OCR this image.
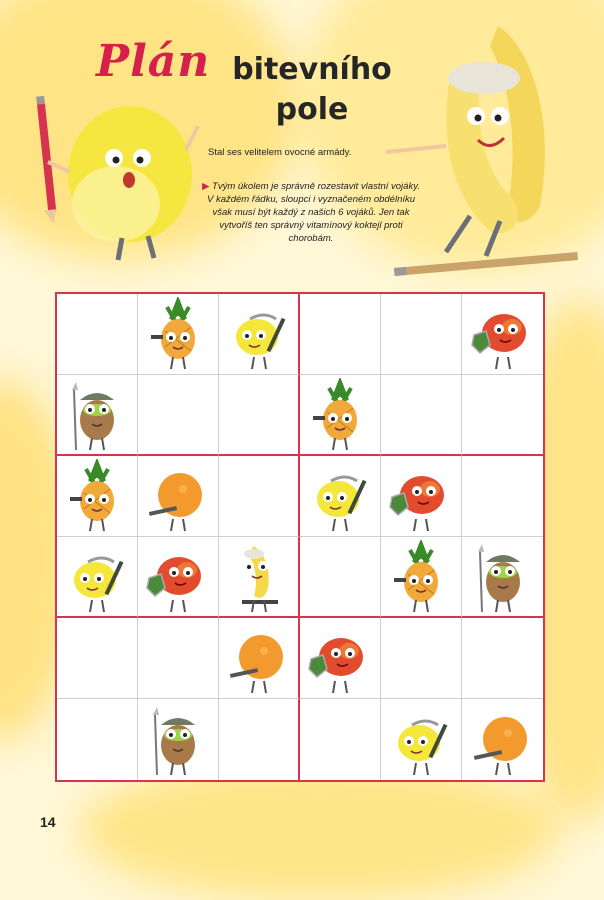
Plán bitevního
pole

Stal ses velitelem ovocné armády.

▶ Tvým úkolem je správně rozestavit vlastní vojáky. V každém řádku, sloupci i vyznačeném obdélníku však musí být každý z našich 6 vojáků. Jen tak vytvoříš ten správný vitamínový koktejl proti chorobám.

14
